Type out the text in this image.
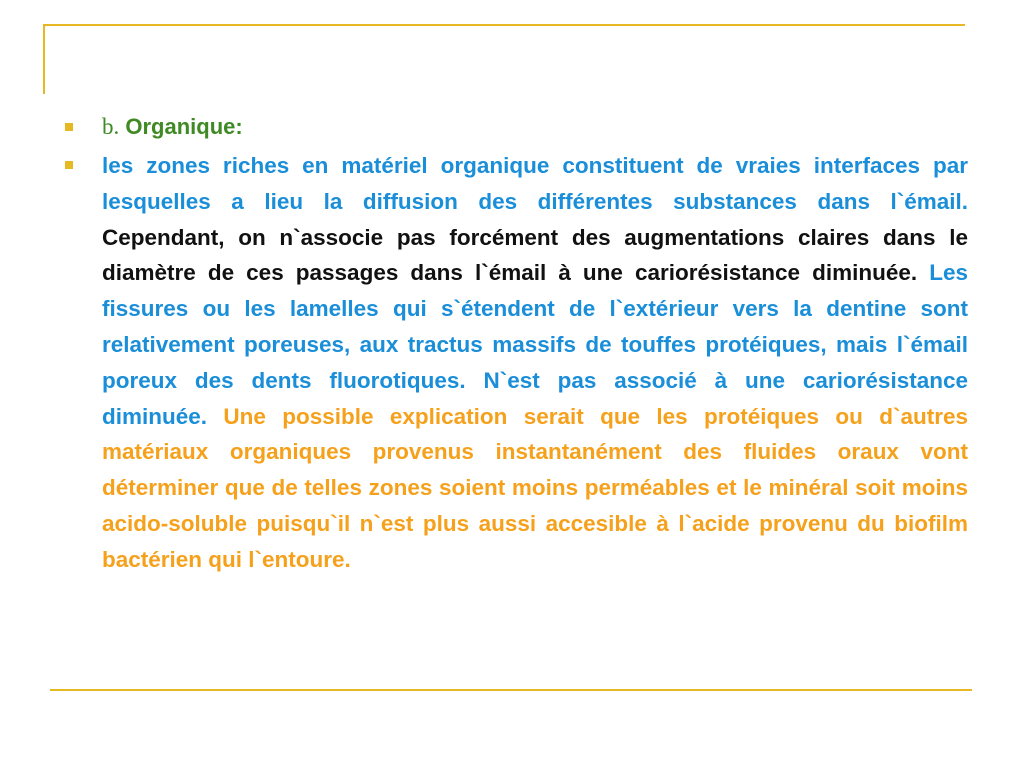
b. Organique:

les zones riches en matériel organique constituent de vraies interfaces par lesquelles a lieu la diffusion des différentes substances dans l`émail. Cependant, on n`associe pas forcément des augmentations claires dans le diamètre de ces passages dans l`émail à une cariorésistance diminuée. Les fissures ou les lamelles qui s`étendent de l`extérieur vers la dentine sont relativement poreuses, aux tractus massifs de touffes protéiques, mais l`émail poreux des dents fluorotiques. N`est pas associé à une cariorésistance diminuée. Une possible explication serait que les protéiques ou d`autres matériaux organiques provenus instantanément des fluides oraux vont déterminer que de telles zones soient moins perméables et le minéral soit moins acido-soluble puisqu`il n`est plus aussi accesible à l`acide provenu du biofilm bactérien qui l`entoure.
